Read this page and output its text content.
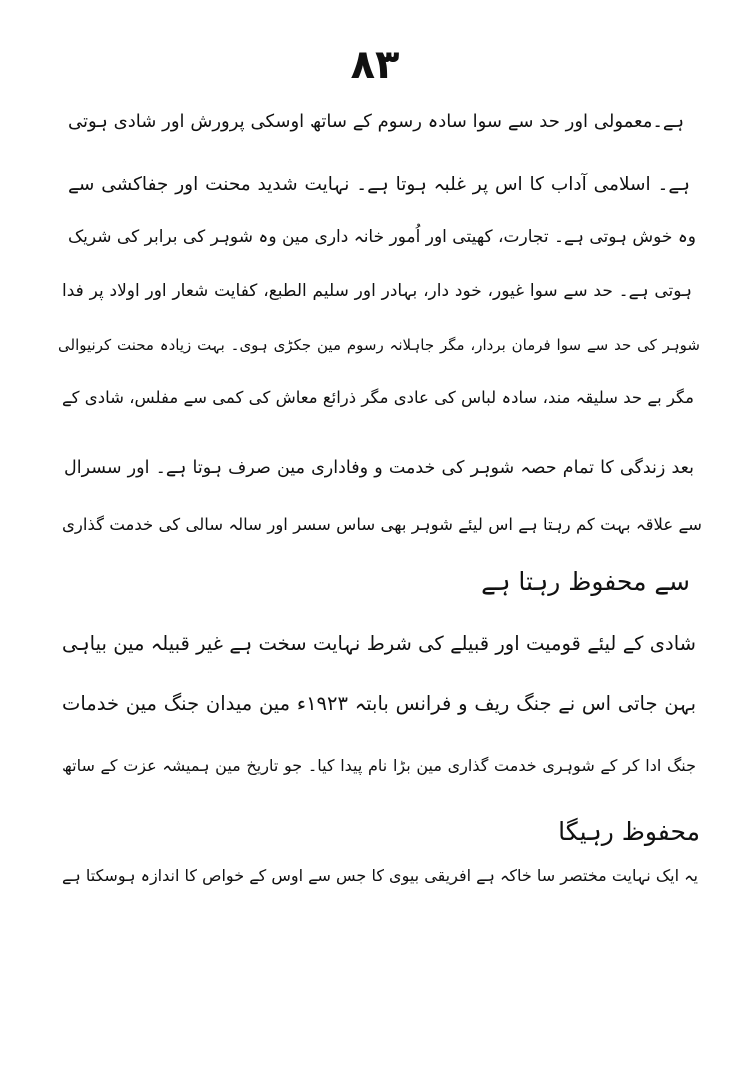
٨٣
ہے۔معمولی اور حد سے سوا سادہ رسوم کے ساتھ اوسکی پرورش اور شادی ہوتی
ہے۔ اسلامی آداب کا اس پر غلبہ ہوتا ہے۔ نہایت شدید محنت اور جفاکشی سے
وہ خوش ہوتی ہے۔ تجارت، کھیتی اور اُمور خانہ داری مین وہ شوہر کی برابر کی شریک
ہوتی ہے۔ حد سے سوا غیور، خود دار، بہادر اور سلیم الطبع، کفایت شعار اور اولاد پر فدا
شوہر کی حد سے سوا فرمان بردار، مگر جاہلانہ رسوم مین جکڑی ہوی۔ بہت زیادہ محنت کرنیوالی
مگر بے حد سلیقہ مند، سادہ لباس کی عادی مگر ذرائع معاش کی کمی سے مفلس، شادی کے
بعد زندگی کا تمام حصہ شوہر کی خدمت و وفاداری مین صرف ہوتا ہے۔ اور سسرال
سے علاقہ بہت کم رہتا ہے اس لیئے شوہر بھی ساس سسر اور سالہ سالی کی خدمت گذاری
سے محفوظ رہتا ہے
شادی کے لیئے قومیت اور قبیلے کی شرط نہایت سخت ہے غیر قبیلہ مین بیاہی
بہن جاتی اس نے جنگ ریف و فرانس بابتہ ۱۹۲۳ء مین میدان جنگ مین خدمات
جنگ ادا کر کے شوہری خدمت گذاری مین بڑا نام پیدا کیا۔ جو تاریخ مین ہمیشہ عزت کے ساتھ
محفوظ رہیگا
یہ ایک نہایت مختصر سا خاکہ ہے افریقی بیوی کا جس سے اوس کے خواص کا اندازہ ہوسکتا ہے
